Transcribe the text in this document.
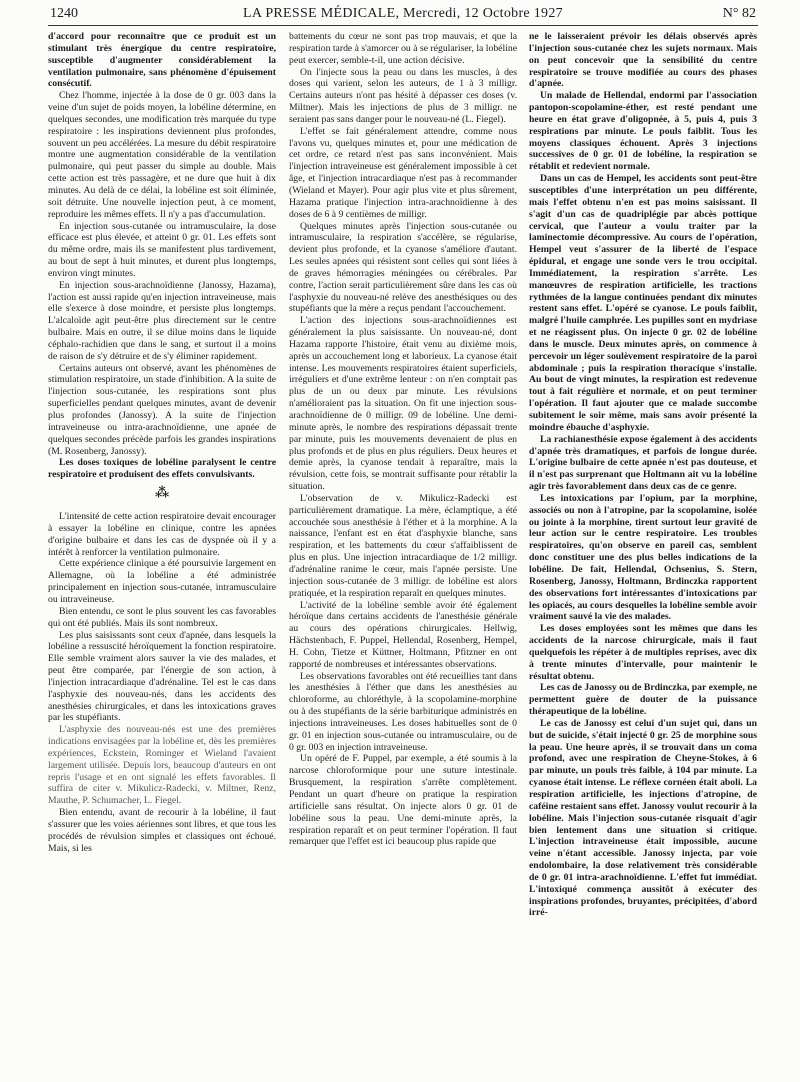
1240	LA PRESSE MÉDICALE, Mercredi, 12 Octobre 1927	N° 82

d'accord pour reconnaître que ce produit est un stimulant très énergique du centre respiratoire, susceptible d'augmenter considérablement la ventilation pulmonaire, sans phénomène d'épuisement consécutif.

Chez l'homme, injectée à la dose de 0 gr. 003 dans la veine d'un sujet de poids moyen, la lobéline détermine, en quelques secondes, une modification très marquée du type respiratoire : les inspirations deviennent plus profondes, souvent un peu accélérées. La mesure du débit respiratoire montre une augmentation considérable de la ventilation pulmonaire, qui peut passer du simple au double. Mais cette action est très passagère, et ne dure que huit à dix minutes. Au delà de ce délai, la lobéline est soit éliminée, soit détruite. Une nouvelle injection peut, à ce moment, reproduire les mêmes effets. Il n'y a pas d'accumulation.

En injection sous-cutanée ou intramusculaire, la dose efficace est plus élevée, et atteint 0 gr. 01. Les effets sont du même ordre, mais ils se manifestent plus tardivement, au bout de sept à huit minutes, et durent plus longtemps, environ vingt minutes.

En injection sous-arachnoïdienne (Janossy, Hazama), l'action est aussi rapide qu'en injection intraveineuse, mais elle s'exerce à dose moindre, et persiste plus longtemps. L'alcaloïde agit peut-être plus directement sur le centre bulbaire. Mais en outre, il se dilue moins dans le liquide céphalo-rachidien que dans le sang, et surtout il a moins de raison de s'y détruire et de s'y éliminer rapidement.

Certains auteurs ont observé, avant les phénomènes de stimulation respiratoire, un stade d'inhibition. A la suite de l'injection sous-cutanée, les respirations sont plus superficielles pendant quelques minutes, avant de devenir plus profondes (Janossy). A la suite de l'injection intraveineuse ou intra-arachnoïdienne, une apnée de quelques secondes précède parfois les grandes inspirations (M. Rosenberg, Janossy).

Les doses toxiques de lobéline paralysent le centre respiratoire et produisent des effets convulsivants.

⁂

L'intensité de cette action respiratoire devait encourager à essayer la lobéline en clinique, contre les apnées d'origine bulbaire et dans les cas de dyspnée où il y a intérêt à renforcer la ventilation pulmonaire.

Cette expérience clinique a été poursuivie largement en Allemagne, où la lobéline a été administrée principalement en injection sous-cutanée, intramusculaire ou intraveineuse.

Bien entendu, ce sont le plus souvent les cas favorables qui ont été publiés. Mais ils sont nombreux.

Les plus saisissants sont ceux d'apnée, dans lesquels la lobéline a ressuscité héroïquement la fonction respiratoire. Elle semble vraiment alors sauver la vie des malades, et peut être comparée, par l'énergie de son action, à l'injection intracardiaque d'adrénaline. Tel est le cas dans l'asphyxie des nouveau-nés, dans les accidents des anesthésies chirurgicales, et dans les intoxications graves par les stupéfiants.

L'asphyxie des nouveau-nés est une des premières indications envisagées par la lobéline et, dès les premières expériences, Eckstein, Rominger et Wieland l'avaient largement utilisée. Depuis lors, beaucoup d'auteurs en ont repris l'usage et en ont signalé les effets favorables. Il suffira de citer v. Mikulicz-Radecki, v. Miltner, Renz, Mauthe, P. Schumacher, L. Fiegel.

Bien entendu, avant de recourir à la lobéline, il faut s'assurer que les voies aériennes sont libres, et que tous les procédés de révulsion simples et classiques ont échoué. Mais, si les

battements du cœur ne sont pas trop mauvais, et que la respiration tarde à s'amorcer ou à se régulariser, la lobéline peut exercer, semble-t-il, une action décisive.

On l'injecte sous la peau ou dans les muscles, à des doses qui varient, selon les auteurs, de 1 à 3 milligr. Certains auteurs n'ont pas hésité à dépasser ces doses (v. Miltner). Mais les injections de plus de 3 milligr. ne seraient pas sans danger pour le nouveau-né (L. Fiegel).

L'effet se fait généralement attendre, comme nous l'avons vu, quelques minutes et, pour une médication de cet ordre, ce retard n'est pas sans inconvénient. Mais l'injection intraveineuse est généralement impossible à cet âge, et l'injection intracardiaque n'est pas à recommander (Wieland et Mayer). Pour agir plus vite et plus sûrement, Hazama pratique l'injection intra-arachnoïdienne à des doses de 6 à 9 centièmes de milligr.

Quelques minutes après l'injection sous-cutanée ou intramusculaire, la respiration s'accélère, se régularise, devient plus profonde, et la cyanose s'améliore d'autant. Les seules apnées qui résistent sont celles qui sont liées à de graves hémorragies méningées ou cérébrales. Par contre, l'action serait particulièrement sûre dans les cas où l'asphyxie du nouveau-né relève des anesthésiques ou des stupéfiants que la mère a reçus pendant l'accouchement.

L'action des injections sous-arachnoïdiennes est généralement la plus saisissante. Un nouveau-né, dont Hazama rapporte l'histoire, était venu au dixième mois, après un accouchement long et laborieux. La cyanose était intense. Les mouvements respiratoires étaient superficiels, irréguliers et d'une extrême lenteur : on n'en comptait pas plus de un ou deux par minute. Les révulsions n'amélioraient pas la situation. On fit une injection sous-arachnoïdienne de 0 milligr. 09 de lobéline. Une demi-minute après, le nombre des respirations dépassait trente par minute, puis les mouvements devenaient de plus en plus profonds et de plus en plus réguliers. Deux heures et demie après, la cyanose tendait à reparaître, mais la révulsion, cette fois, se montrait suffisante pour rétablir la situation.

L'observation de v. Mikulicz-Radecki est particulièrement dramatique. La mère, éclamptique, a été accouchée sous anesthésie à l'éther et à la morphine. A la naissance, l'enfant est en état d'asphyxie blanche, sans respiration, et les battements du cœur s'affaiblissent de plus en plus. Une injection intracardiaque de 1/2 milligr. d'adrénaline ranime le cœur, mais l'apnée persiste. Une injection sous-cutanée de 3 milligr. de lobéline est alors pratiquée, et la respiration reparaît en quelques minutes.

L'activité de la lobéline semble avoir été également héroïque dans certains accidents de l'anesthésie générale au cours des opérations chirurgicales. Hellwig, Hächstenbach, F. Puppel, Hellendal, Rosenberg, Hempel, H. Cohn, Tietze et Küttner, Holtmann, Pfitzner en ont rapporté de nombreuses et intéressantes observations.

Les observations favorables ont été recueillies tant dans les anesthésies à l'éther que dans les anesthésies au chloroforme, au chloréthyle, à la scopolamine-morphine ou à des stupéfiants de la série barbiturique administrés en injections intraveineuses. Les doses habituelles sont de 0 gr. 01 en injection sous-cutanée ou intramusculaire, ou de 0 gr. 003 en injection intraveineuse.

Un opéré de F. Puppel, par exemple, a été soumis à la narcose chloroformique pour une suture intestinale. Brusquement, la respiration s'arrête complètement. Pendant un quart d'heure on pratique la respiration artificielle sans résultat. On injecte alors 0 gr. 01 de lobéline sous la peau. Une demi-minute après, la respiration reparaît et on peut terminer l'opération. Il faut remarquer que l'effet est ici beaucoup plus rapide que

ne le laisseraient prévoir les délais observés après l'injection sous-cutanée chez les sujets normaux. Mais on peut concevoir que la sensibilité du centre respiratoire se trouve modifiée au cours des phases d'apnée.

Un malade de Hellendal, endormi par l'association pantopon-scopolamine-éther, est resté pendant une heure en état grave d'oligopnée, à 5, puis 4, puis 3 respirations par minute. Le pouls faiblit. Tous les moyens classiques échouent. Après 3 injections successives de 0 gr. 01 de lobéline, la respiration se rétablit et redevient normale.

Dans un cas de Hempel, les accidents sont peut-être susceptibles d'une interprétation un peu différente, mais l'effet obtenu n'en est pas moins saisissant. Il s'agit d'un cas de quadriplégie par abcès pottique cervical, que l'auteur a voulu traiter par la laminectomie décompressive. Au cours de l'opération, Hempel veut s'assurer de la liberté de l'espace épidural, et engage une sonde vers le trou occipital. Immédiatement, la respiration s'arrête. Les manœuvres de respiration artificielle, les tractions rythmées de la langue continuées pendant dix minutes restent sans effet. L'opéré se cyanose. Le pouls faiblit, malgré l'huile camphrée. Les pupilles sont en mydriase et ne réagissent plus. On injecte 0 gr. 02 de lobéline dans le muscle. Deux minutes après, on commence à percevoir un léger soulèvement respiratoire de la paroi abdominale ; puis la respiration thoracique s'installe. Au bout de vingt minutes, la respiration est redevenue tout à fait régulière et normale, et on peut terminer l'opération. Il faut ajouter que ce malade succombe subitement le soir même, mais sans avoir présenté la moindre ébauche d'asphyxie.

La rachianesthésie expose également à des accidents d'apnée très dramatiques, et parfois de longue durée. L'origine bulbaire de cette apnée n'est pas douteuse, et il n'est pas surprenant que Holtmann ait vu la lobéline agir très favorablement dans deux cas de ce genre.

Les intoxications par l'opium, par la morphine, associés ou non à l'atropine, par la scopolamine, isolée ou jointe à la morphine, tirent surtout leur gravité de leur action sur le centre respiratoire. Les troubles respiratoires, qu'on observe en pareil cas, semblent donc constituer une des plus belles indications de la lobéline. De fait, Hellendal, Ochsenius, S. Stern, Rosenberg, Janossy, Holtmann, Brdinczka rapportent des observations fort intéressantes d'intoxications par les opiacés, au cours desquelles la lobéline semble avoir vraiment sauvé la vie des malades.

Les doses employées sont les mêmes que dans les accidents de la narcose chirurgicale, mais il faut quelquefois les répéter à de multiples reprises, avec dix à trente minutes d'intervalle, pour maintenir le résultat obtenu.

Les cas de Janossy ou de Brdinczka, par exemple, ne permettent guère de douter de la puissance thérapeutique de la lobéline.

Le cas de Janossy est celui d'un sujet qui, dans un but de suicide, s'était injecté 0 gr. 25 de morphine sous la peau. Une heure après, il se trouvait dans un coma profond, avec une respiration de Cheyne-Stokes, à 6 par minute, un pouls très faible, à 104 par minute. La cyanose était intense. Le réflexe cornéen était aboli. La respiration artificielle, les injections d'atropine, de caféine restaient sans effet. Janossy voulut recourir à la lobéline. Mais l'injection sous-cutanée risquait d'agir bien lentement dans une situation si critique. L'injection intraveineuse était impossible, aucune veine n'étant accessible. Janossy injecta, par voie endolombaire, la dose relativement très considérable de 0 gr. 01 intra-arachnoïdienne. L'effet fut immédiat. L'intoxiqué commença aussitôt à exécuter des inspirations profondes, bruyantes, précipitées, d'abord irré-
